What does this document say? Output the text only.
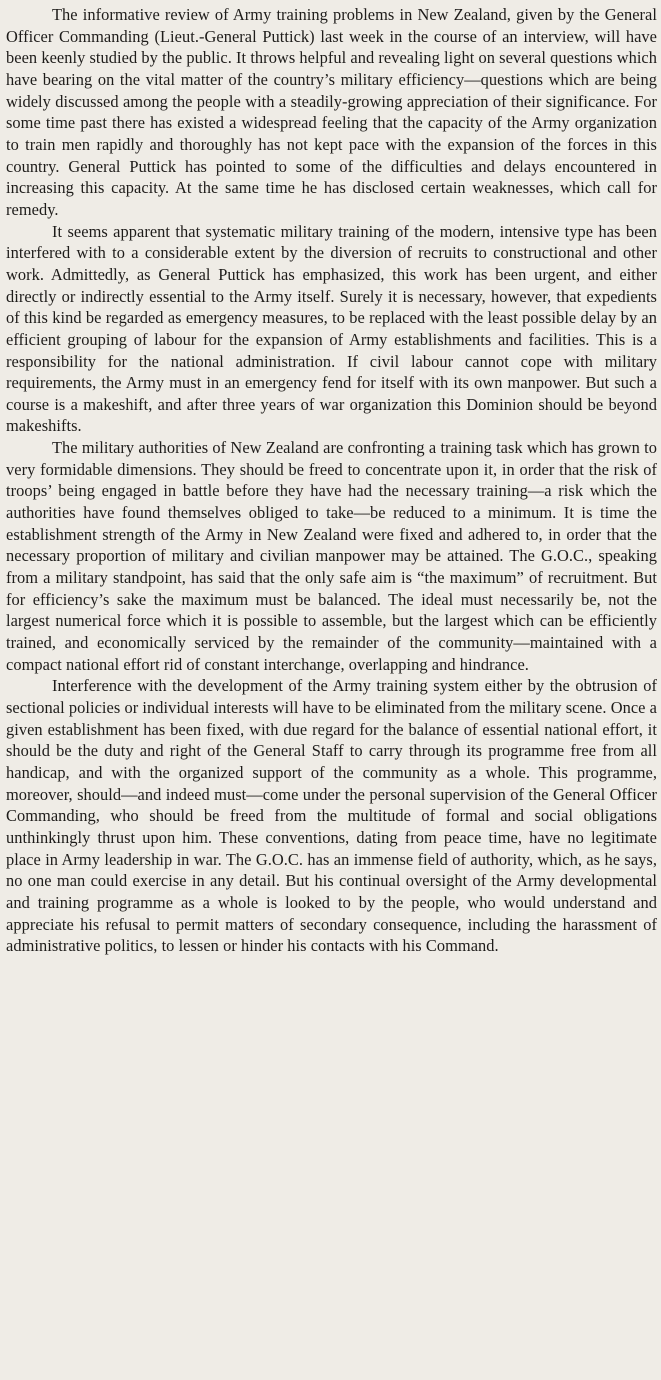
The informative review of Army training problems in New Zealand, given by the General Officer Commanding (Lieut.-General Puttick) last week in the course of an interview, will have been keenly studied by the public. It throws helpful and revealing light on several questions which have bearing on the vital matter of the country’s military efficiency—questions which are being widely discussed among the people with a steadily-growing appreciation of their significance. For some time past there has existed a widespread feeling that the capacity of the Army organization to train men rapidly and thoroughly has not kept pace with the expansion of the forces in this country. General Puttick has pointed to some of the difficulties and delays encountered in increasing this capacity. At the same time he has disclosed certain weaknesses, which call for remedy.

It seems apparent that systematic military training of the modern, intensive type has been interfered with to a considerable extent by the diversion of recruits to constructional and other work. Admittedly, as General Puttick has emphasized, this work has been urgent, and either directly or indirectly essential to the Army itself. Surely it is necessary, however, that expedients of this kind be regarded as emergency measures, to be replaced with the least possible delay by an efficient grouping of labour for the expansion of Army establishments and facilities. This is a responsibility for the national administration. If civil labour cannot cope with military requirements, the Army must in an emergency fend for itself with its own manpower. But such a course is a makeshift, and after three years of war organization this Dominion should be beyond makeshifts.

The military authorities of New Zealand are confronting a training task which has grown to very formidable dimensions. They should be freed to concentrate upon it, in order that the risk of troops’ being engaged in battle before they have had the necessary training—a risk which the authorities have found themselves obliged to take—be reduced to a minimum. It is time the establishment strength of the Army in New Zealand were fixed and adhered to, in order that the necessary proportion of military and civilian manpower may be attained. The G.O.C., speaking from a military standpoint, has said that the only safe aim is “the maximum” of recruitment. But for efficiency’s sake the maximum must be balanced. The ideal must necessarily be, not the largest numerical force which it is possible to assemble, but the largest which can be efficiently trained, and economically serviced by the remainder of the community—maintained with a compact national effort rid of constant interchange, overlapping and hindrance.

Interference with the development of the Army training system either by the obtrusion of sectional policies or individual interests will have to be eliminated from the military scene. Once a given establishment has been fixed, with due regard for the balance of essential national effort, it should be the duty and right of the General Staff to carry through its programme free from all handicap, and with the organized support of the community as a whole. This programme, moreover, should—and indeed must—come under the personal supervision of the General Officer Commanding, who should be freed from the multitude of formal and social obligations unthinkingly thrust upon him. These conventions, dating from peace time, have no legitimate place in Army leadership in war. The G.O.C. has an immense field of authority, which, as he says, no one man could exercise in any detail. But his continual oversight of the Army developmental and training programme as a whole is looked to by the people, who would understand and appreciate his refusal to permit matters of secondary consequence, including the harassment of administrative politics, to lessen or hinder his contacts with his Command.
